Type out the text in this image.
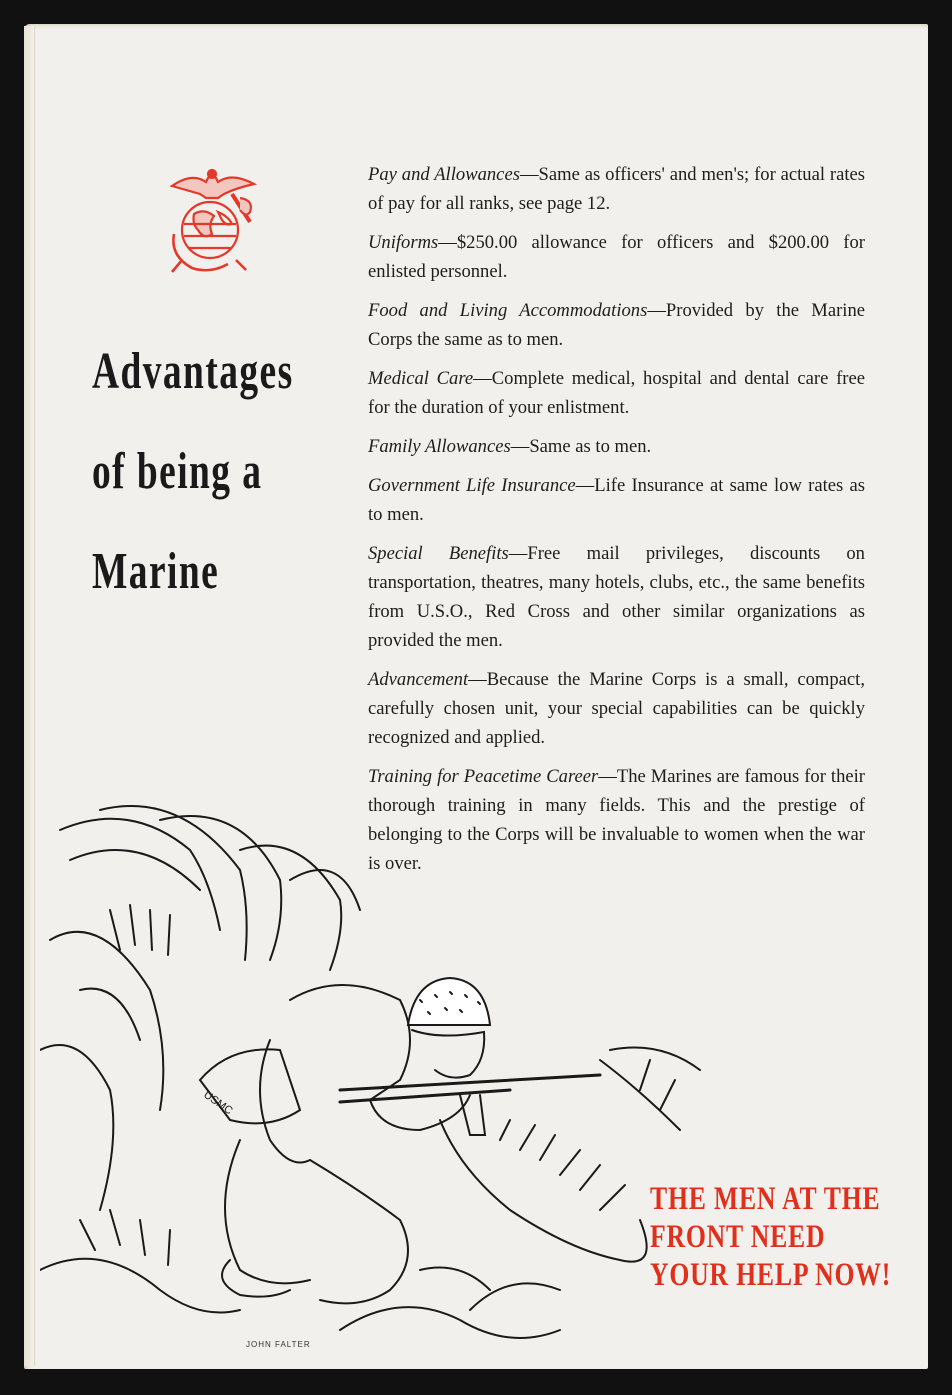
Advantages
of being a
Marine

Pay and Allowances—Same as officers' and men's; for actual rates of pay for all ranks, see page 12.

Uniforms—$250.00 allowance for officers and $200.00 for enlisted personnel.

Food and Living Accommodations—Provided by the Marine Corps the same as to men.

Medical Care—Complete medical, hospital and dental care free for the duration of your enlistment.

Family Allowances—Same as to men.

Government Life Insurance—Life Insurance at same low rates as to men.

Special Benefits—Free mail privileges, discounts on transportation, theatres, many hotels, clubs, etc., the same benefits from U.S.O., Red Cross and other similar organizations as provided the men.

Advancement—Because the Marine Corps is a small, compact, carefully chosen unit, your special capabilities can be quickly recognized and applied.

Training for Peacetime Career—The Marines are famous for their thorough training in many fields. This and the prestige of belonging to the Corps will be invaluable to women when the war is over.

USMC
JOHN FALTER
THE MEN AT THE
FRONT NEED
YOUR HELP NOW!
